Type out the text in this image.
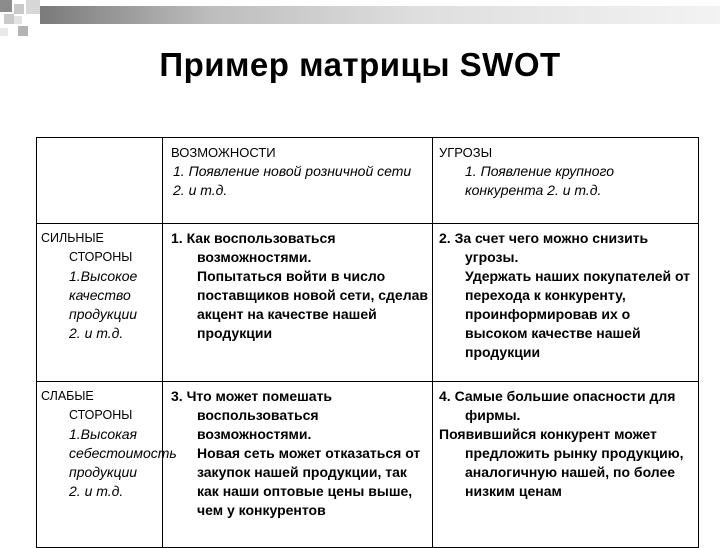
Пример матрицы SWOT

	ВОЗМОЖНОСТИ
1. Появление новой розничной сети
2. и т.д.	УГРОЗЫ
1. Появление крупного конкурента 2. и т.д.

СИЛЬНЫЕ СТОРОНЫ
1.Высокое качество продукции
2. и т.д.	1. Как воспользоваться возможностями.
Попытаться войти в число поставщиков новой сети, сделав акцент на качестве нашей продукции	2. За счет чего можно снизить угрозы.
Удержать наших покупателей от перехода к конкуренту, проинформировав их о высоком качестве нашей продукции

СЛАБЫЕ СТОРОНЫ
1.Высокая себестоимость продукции
2. и т.д.	3. Что может помешать воспользоваться возможностями.
Новая сеть может отказаться от закупок нашей продукции, так как наши оптовые цены выше, чем у конкурентов	4. Самые большие опасности для фирмы.
Появившийся конкурент может
предложить рынку продукцию, аналогичную нашей, по более низким ценам
